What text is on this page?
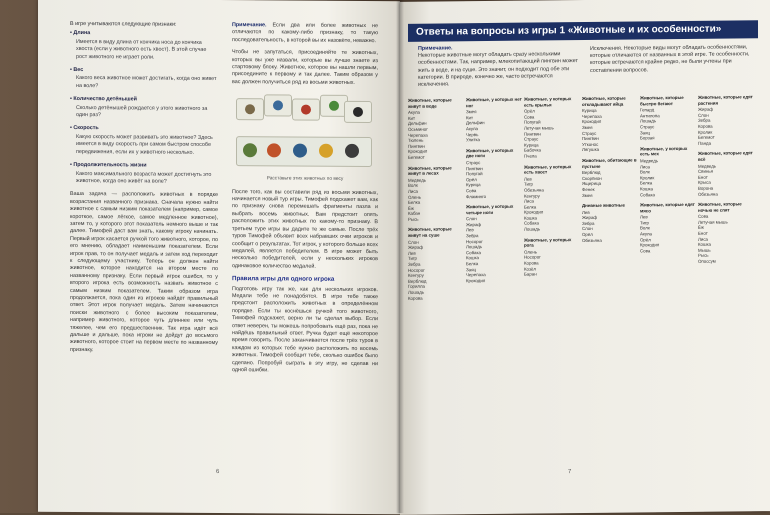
В игре учитываются следующие признаки:
• Длина
Имеется в виду длина от кончика носа до кончика хвоста (если у животного есть хвост). В этой случае рост животного не играет роли.
• Вес
Какого веса животное может достигать, когда оно живет на воле?
• Количество детёнышей
Сколько детёнышей рождается у этого животного за один раз?
• Скорость
Какую скорость может развивать это животное? Здесь имеется в виду скорость при самом быстром способе передвижения, если их у животного несколько.
• Продолжительность жизни
Какого максимального возраста может достигнуть это животное, когда оно живёт на воле?
Ваша задача — расположить животных в порядке возрастания названного признака. Сначала нужно найти животное с самым низким показателем (например, самое короткое, самое лёгкое, самое медленное животное), затем то, у которого этот показатель немного выше и так далее. Тимофей даст вам знать, какому игроку начинать. Первый игрок касается ручкой того животного, которое, по его мнению, обладает наименьшим показателем. Если игрок прав, то он получает медаль и затем ход переходит к следующему участнику. Теперь он должен найти животное, которое находится на втором месте по названному признаку. Если первый игрок ошибся, то у второго игрока есть возможность назвать животное с самым низким показателем. Таким образом игра продолжается, пока один из игроков найдёт правильный ответ. Этот игрок получает медаль. Затем начинаются поиски животного с более высоким показателем, например животного, которое чуть длиннее или чуть тяжелее, чем его предшественник. Так игра идёт всё дальше и дальше, пока игроки не дойдут до восьмого животного, которое стоит на первом месте по названному признаку.
Примечание. Если два или более животных не отличаются по какому-либо признаку, то такую последовательность, в которой вы их назовёте, неважно.
Чтобы не запутаться, присоединяйте те животных, которых вы уже назвали, которые вы лучше знаете из стартовому блоку. Животное, которое вы нашли первым, присоедините к первому и так далее. Таким образом у вас должен получиться ряд из восьми животных.
Расставьте этих животных по весу
После того, как вы составили ряд из восьми животных, начинается новый тур игры. Тимофей подскажет вам, как по признаку снова перемешать фрагменты пазла и выбрать восемь животных. Вам предстоит опять расположить этих животных по какому-то признаку. В третьем туре игры вы дадите те же самые. После трёх туров Тимофей объявит всех набравших очки игроков и сообщит о результатах. Тот игрок, у которого больше всех медалей, является победителем. В игре может быть несколько победителей, если у нескольких игроков одинаковое количество медалей.
Правила игры для одного игрока
Подготовь игру так же, как для нескольких игроков. Медали тебе не понадобятся. В игре тебе также предстоит расположить животных в определённом порядке. Если ты коснёшься ручкой того животного, Тимофей подскажет, верно ли ты сделал выбор. Если ответ неверен, ты можешь попробовать ещё раз, пока не найдёшь правильный ответ. Ручка будет ещё некоторое время говорить. После заканчивается после трёх туров в каждом из которых тебе нужно расположить по восемь животных. Тимофей сообщит тебе, сколько ошибок было сделано. Попробуй сыграть в эту игру, не сделав ни одной ошибки.
6
Ответы на вопросы из игры 1 «Животные и их особенности»
Примечание.
Некоторые животные могут обладать сразу несколькими особенностями. Так, например, млекопитающий пингвин может жить в воде, и на суше. Это значит, он подходит под обе эти категории. В природе, конечно же, часто встречаются исключения.
Исключения. Некоторые виды могут обладать особенностями, которые отличаются от названных в этой игре. Те особенности, которые встречаются крайне редко, не были учтены при составлении вопросов.
Животные, которые живут в воде
Акула
Кит
Дельфин
Осьминог
Черепаха
Тюлень
Пингвин
Крокодил
Бегемот
Животные, которые живут в лесах
Медведь
Волк
Лиса
Олень
Белка
Ёж
Кабан
Рысь
Животные, которые живут на суше
Слон
Жираф
Лев
Тигр
Зебра
Носорог
Кенгуру
Верблюд
Горилла
Лошадь
Корова
Животные, у которых нет ног
Змея
Кит
Дельфин
Акула
Червь
Улитка
Животные, у которых две ноги
Страус
Пингвин
Попугай
Орёл
Курица
Сова
Фламинго
Животные, у которых четыре ноги
Слон
Жираф
Лев
Зебра
Носорог
Лошадь
Собака
Кошка
Белка
Заяц
Черепаха
Крокодил
Животные, у которых есть крылья
Орёл
Сова
Попугай
Летучая мышь
Пингвин
Страус
Курица
Бабочка
Пчела
Животные, у которых есть хвост
Лев
Тигр
Обезьяна
Кенгуру
Лиса
Белка
Крокодил
Кошка
Собака
Лошадь
Животные, у которых рога
Олень
Носорог
Корова
Козёл
Баран
Животные, которые откладывают яйца
Курица
Черепаха
Крокодил
Змея
Страус
Пингвин
Утконос
Лягушка
Животные, обитающие в пустыне
Верблюд
Скорпион
Ящерица
Фенек
Змея
Дневные животные
Лев
Жираф
Зебра
Слон
Орёл
Обезьяна
Животные, которые быстро бегают
Гепард
Антилопа
Лошадь
Страус
Заяц
Борзая
Животные, у которых есть мех
Медведь
Лиса
Волк
Кролик
Белка
Кошка
Собака
Животные, которые едят мясо
Лев
Тигр
Волк
Акула
Орёл
Крокодил
Сова
Животные, которые едят растения
Жираф
Слон
Зебра
Корова
Кролик
Бегемот
Панда
Животные, которые едят всё
Медведь
Свинья
Енот
Крыса
Ворона
Обезьяна
Животные, которые ночью не спят
Сова
Летучая мышь
Ёж
Енот
Лиса
Кошка
Мышь
Рысь
Опоссум
7
